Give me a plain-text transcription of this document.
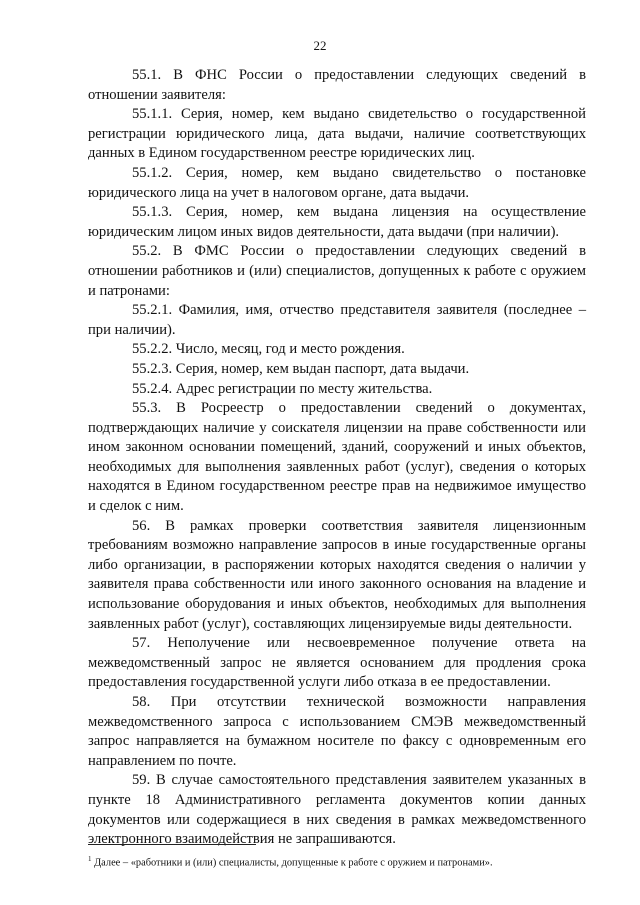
22

55.1. В ФНС России о предоставлении следующих сведений в отношении заявителя:

55.1.1. Серия, номер, кем выдано свидетельство о государственной регистрации юридического лица, дата выдачи, наличие соответствующих данных в Едином государственном реестре юридических лиц.

55.1.2. Серия, номер, кем выдано свидетельство о постановке юридического лица на учет в налоговом органе, дата выдачи.

55.1.3. Серия, номер, кем выдана лицензия на осуществление юридическим лицом иных видов деятельности, дата выдачи (при наличии).

55.2. В ФМС России о предоставлении следующих сведений в отношении работников и (или) специалистов, допущенных к работе с оружием и патронами:

55.2.1. Фамилия, имя, отчество представителя заявителя (последнее – при наличии).

55.2.2. Число, месяц, год и место рождения.

55.2.3. Серия, номер, кем выдан паспорт, дата выдачи.

55.2.4. Адрес регистрации по месту жительства.

55.3. В Росреестр о предоставлении сведений о документах, подтверждающих наличие у соискателя лицензии на праве собственности или ином законном основании помещений, зданий, сооружений и иных объектов, необходимых для выполнения заявленных работ (услуг), сведения о которых находятся в Едином государственном реестре прав на недвижимое имущество и сделок с ним.

56. В рамках проверки соответствия заявителя лицензионным требованиям возможно направление запросов в иные государственные органы либо организации, в распоряжении которых находятся сведения о наличии у заявителя права собственности или иного законного основания на владение и использование оборудования и иных объектов, необходимых для выполнения заявленных работ (услуг), составляющих лицензируемые виды деятельности.

57. Неполучение или несвоевременное получение ответа на межведомственный запрос не является основанием для продления срока предоставления государственной услуги либо отказа в ее предоставлении.

58. При отсутствии технической возможности направления межведомственного запроса с использованием СМЭВ межведомственный запрос направляется на бумажном носителе по факсу с одновременным его направлением по почте.

59. В случае самостоятельного представления заявителем указанных в пункте 18 Административного регламента документов копии данных документов или содержащиеся в них сведения в рамках межведомственного электронного взаимодействия не запрашиваются.

$^1$ Далее – «работники и (или) специалисты, допущенные к работе с оружием и патронами».
